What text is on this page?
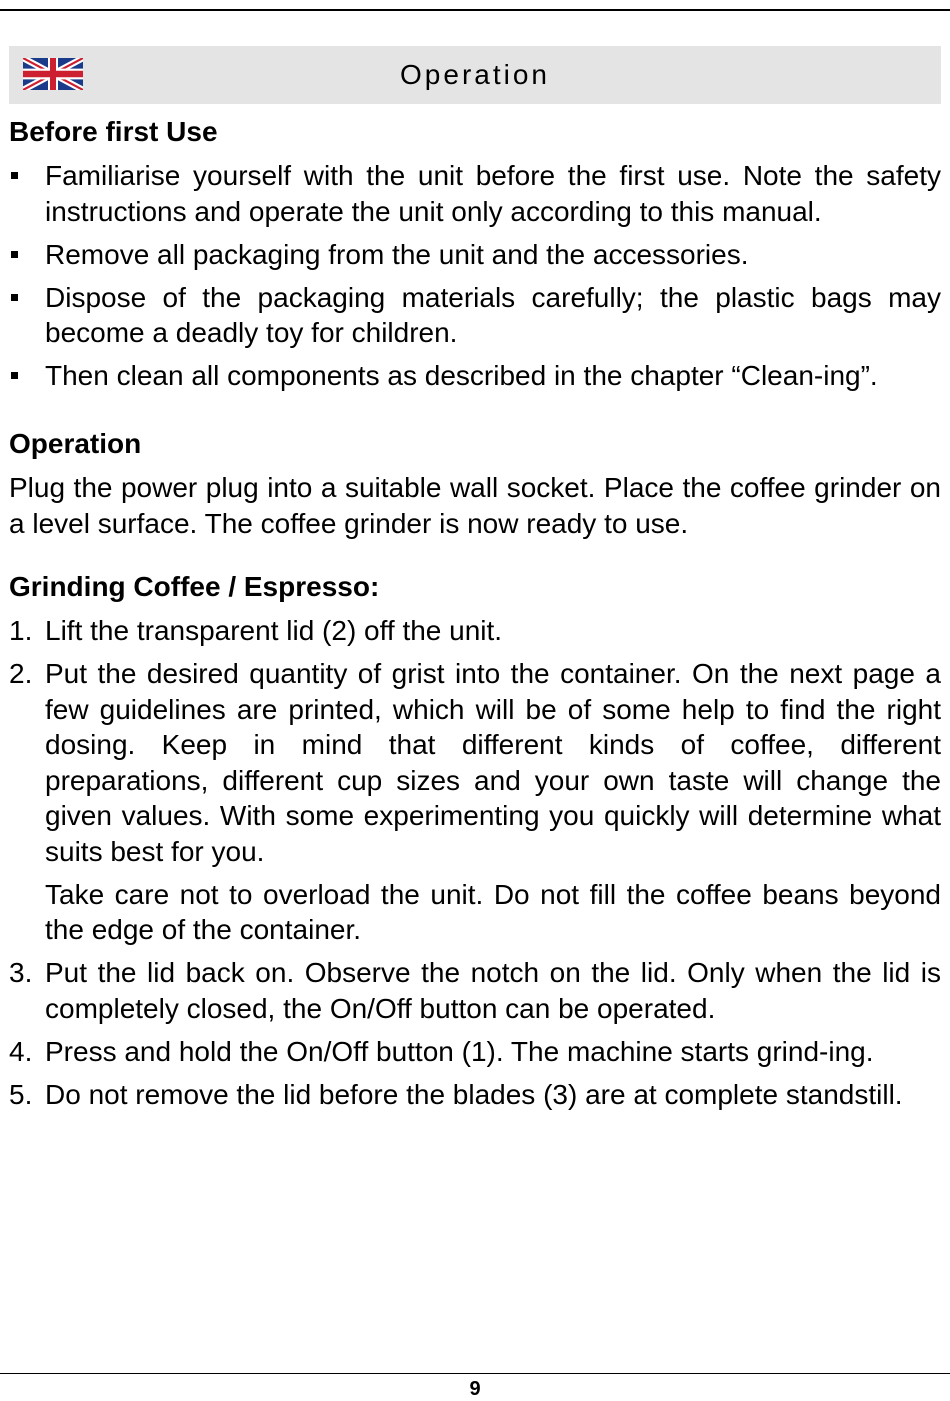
Operation
Before first Use
Familiarise yourself with the unit before the first use. Note the safety instructions and operate the unit only according to this manual.
Remove all packaging from the unit and the accessories.
Dispose of the packaging materials carefully; the plastic bags may become a deadly toy for children.
Then clean all components as described in the chapter “Clean-ing”.
Operation

Plug the power plug into a suitable wall socket. Place the coffee grinder on a level surface. The coffee grinder is now ready to use.

Grinding Coffee / Espresso:
1. Lift the transparent lid (2) off the unit.
2. Put the desired quantity of grist into the container. On the next page a few guidelines are printed, which will be of some help to find the right dosing. Keep in mind that different kinds of coffee, different preparations, different cup sizes and your own taste will change the given values. With some experimenting you quickly will determine what suits best for you.
Take care not to overload the unit. Do not fill the coffee beans beyond the edge of the container.
3. Put the lid back on. Observe the notch on the lid. Only when the lid is completely closed, the On/Off button can be operated.
4. Press and hold the On/Off button (1). The machine starts grind-ing.
5. Do not remove the lid before the blades (3) are at complete standstill.
9
